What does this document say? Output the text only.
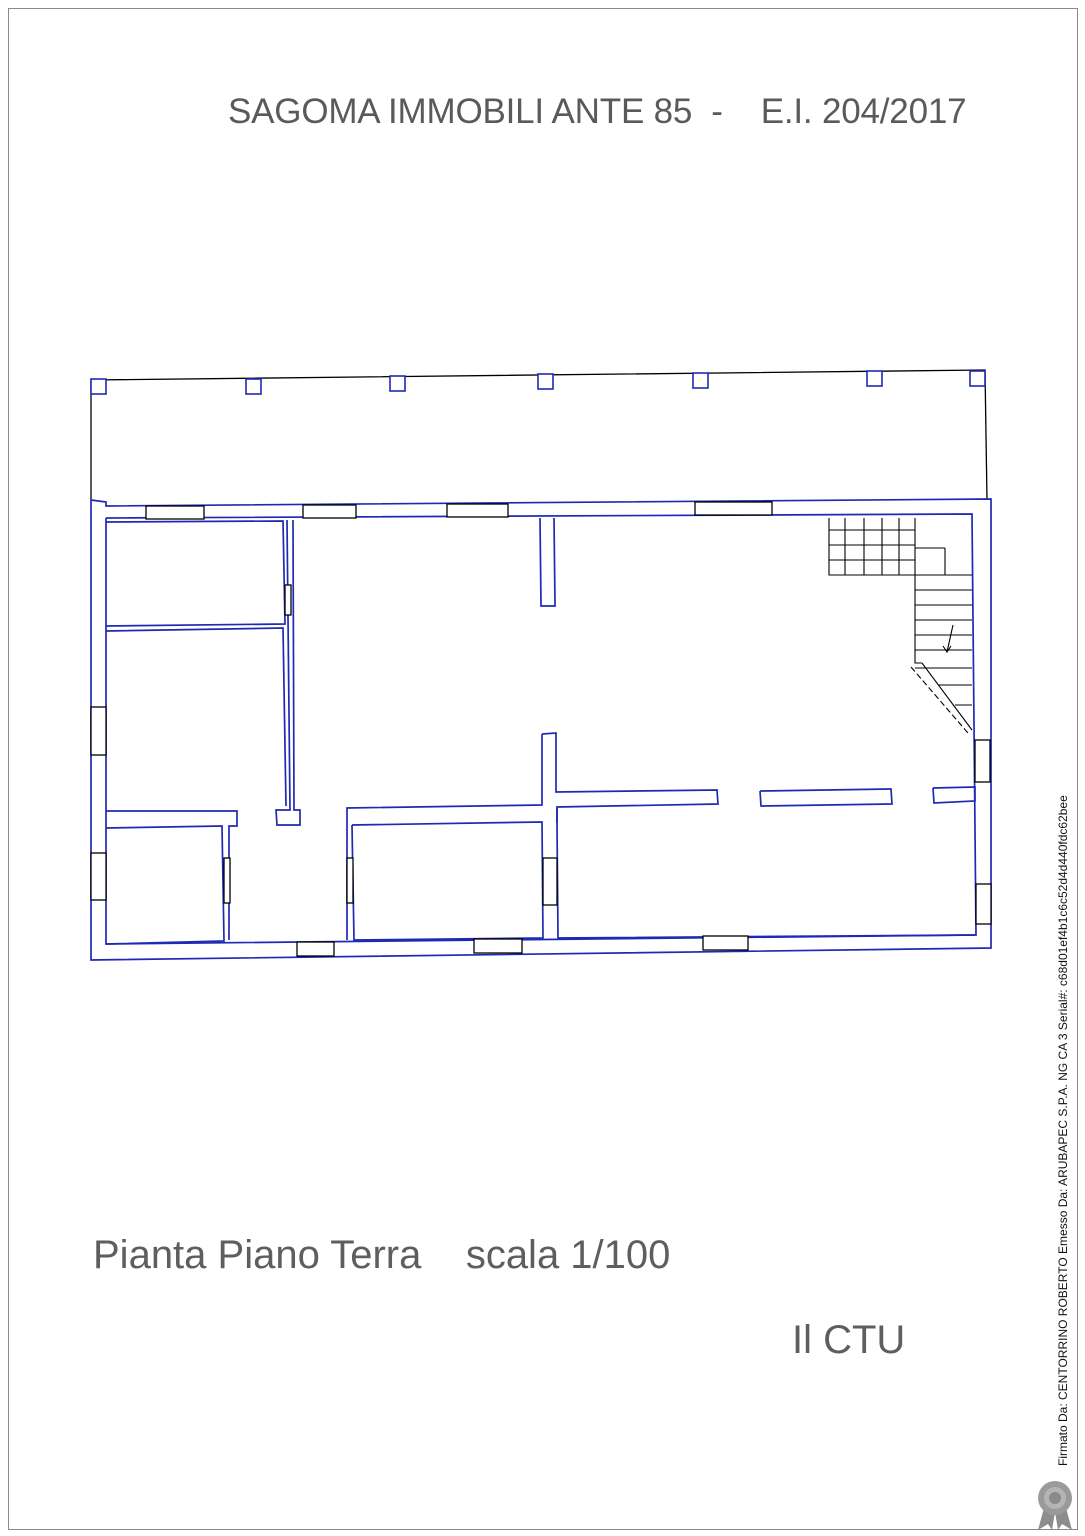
SAGOMA IMMOBILI ANTE 85  -    E.I. 204/2017
Pianta Piano Terra    scala 1/100
Il CTU	Firmato Da: CENTORRINO ROBERTO Emesso Da: ARUBAPEC S.P.A. NG CA 3 Serial#: c68d01ef4b1c6c52d4d440fdc62bee
